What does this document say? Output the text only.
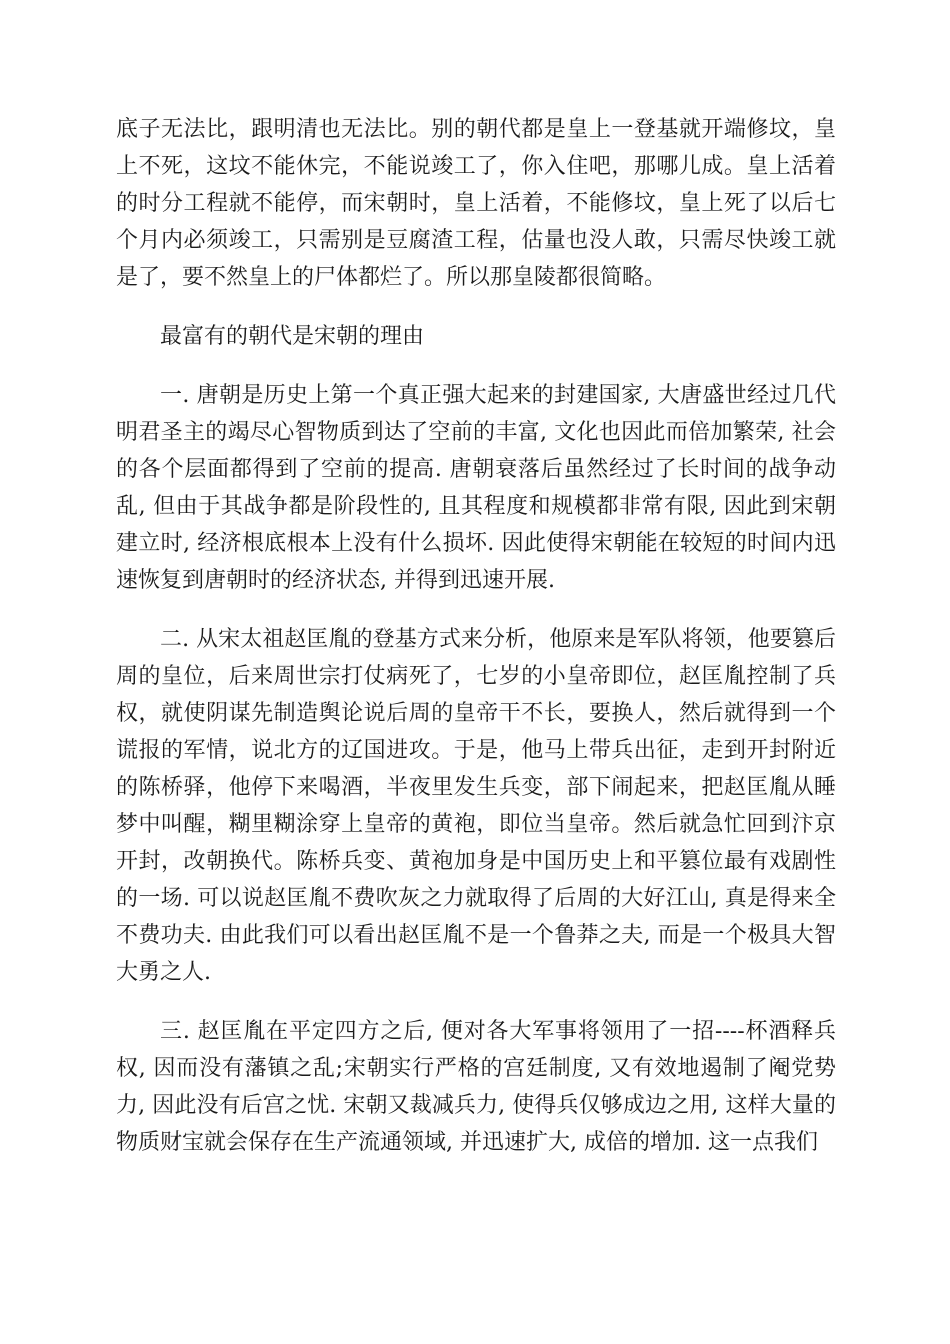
底子无法比，跟明清也无法比。别的朝代都是皇上一登基就开端修坟，皇上不死，这坟不能休完，不能说竣工了，你入住吧，那哪儿成。皇上活着的时分工程就不能停，而宋朝时，皇上活着，不能修坟，皇上死了以后七个月内必须竣工，只需别是豆腐渣工程，估量也没人敢，只需尽快竣工就是了，要不然皇上的尸体都烂了。所以那皇陵都很简略。

最富有的朝代是宋朝的理由

一. 唐朝是历史上第一个真正强大起来的封建国家, 大唐盛世经过几代明君圣主的竭尽心智物质到达了空前的丰富, 文化也因此而倍加繁荣, 社会的各个层面都得到了空前的提高. 唐朝衰落后虽然经过了长时间的战争动乱, 但由于其战争都是阶段性的, 且其程度和规模都非常有限, 因此到宋朝建立时, 经济根底根本上没有什么损坏. 因此使得宋朝能在较短的时间内迅速恢复到唐朝时的经济状态, 并得到迅速开展.

二. 从宋太祖赵匡胤的登基方式来分析，他原来是军队将领，他要篡后周的皇位，后来周世宗打仗病死了，七岁的小皇帝即位，赵匡胤控制了兵权，就使阴谋先制造舆论说后周的皇帝干不长，要换人，然后就得到一个谎报的军情，说北方的辽国进攻。于是，他马上带兵出征，走到开封附近的陈桥驿，他停下来喝酒，半夜里发生兵变，部下闹起来，把赵匡胤从睡梦中叫醒，糊里糊涂穿上皇帝的黄袍，即位当皇帝。然后就急忙回到汴京开封，改朝换代。陈桥兵变、黄袍加身是中国历史上和平篡位最有戏剧性的一场. 可以说赵匡胤不费吹灰之力就取得了后周的大好江山, 真是得来全不费功夫. 由此我们可以看出赵匡胤不是一个鲁莽之夫, 而是一个极具大智大勇之人.

三. 赵匡胤在平定四方之后, 便对各大军事将领用了一招----杯酒释兵权, 因而没有藩镇之乱;宋朝实行严格的宫廷制度, 又有效地遏制了阉党势力, 因此没有后宫之忧. 宋朝又裁减兵力, 使得兵仅够成边之用, 这样大量的物质财宝就会保存在生产流通领域, 并迅速扩大, 成倍的增加. 这一点我们
